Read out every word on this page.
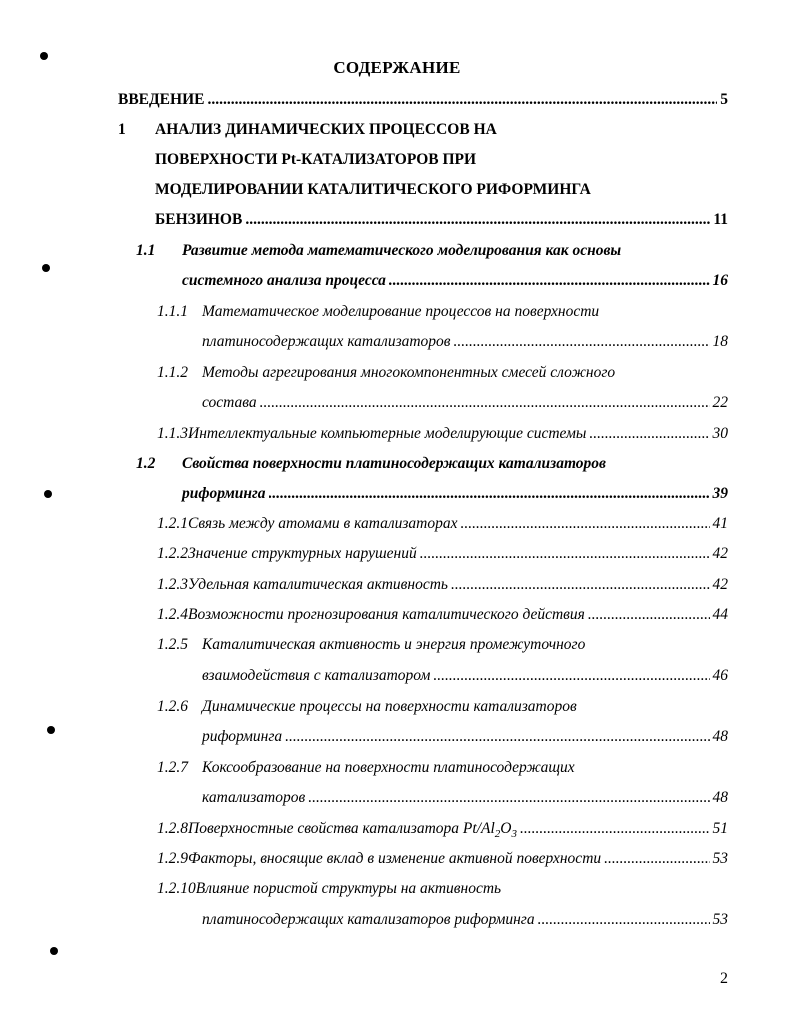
СОДЕРЖАНИЕ
ВВЕДЕНИЕ .....	5
1	АНАЛИЗ ДИНАМИЧЕСКИХ ПРОЦЕССОВ НА
ПОВЕРХНОСТИ Pt-КАТАЛИЗАТОРОВ ПРИ
МОДЕЛИРОВАНИИ КАТАЛИТИЧЕСКОГО РИФОРМИНГА
БЕНЗИНОВ .....	11
1.1	Развитие метода математического моделирования как основы
системного анализа процесса .....	16
1.1.1 Математическое моделирование процессов на поверхности
платиносодержащих катализаторов .....	18
1.1.2 Методы агрегирования многокомпонентных смесей сложного
состава .....	22
1.1.3 Интеллектуальные компьютерные моделирующие системы .....	30
1.2	Свойства поверхности платиносодержащих катализаторов
риформинга .....	39
1.2.1 Связь между атомами в катализаторах .....	41
1.2.2 Значение структурных нарушений .....	42
1.2.3 Удельная каталитическая активность .....	42
1.2.4 Возможности прогнозирования каталитического действия .....	44
1.2.5 Каталитическая активность и энергия промежуточного
взаимодействия с катализатором .....	46
1.2.6 Динамические процессы на поверхности катализаторов
риформинга .....	48
1.2.7 Коксообразование на поверхности платиносодержащих
катализаторов .....	48
1.2.8 Поверхностные свойства катализатора $Pt/Al_2O_3$ .....	51
1.2.9 Факторы, вносящие вклад в изменение активной поверхности .....	53
1.2.10 Влияние пористой структуры на активность
платиносодержащих катализаторов риформинга .....	53
2
